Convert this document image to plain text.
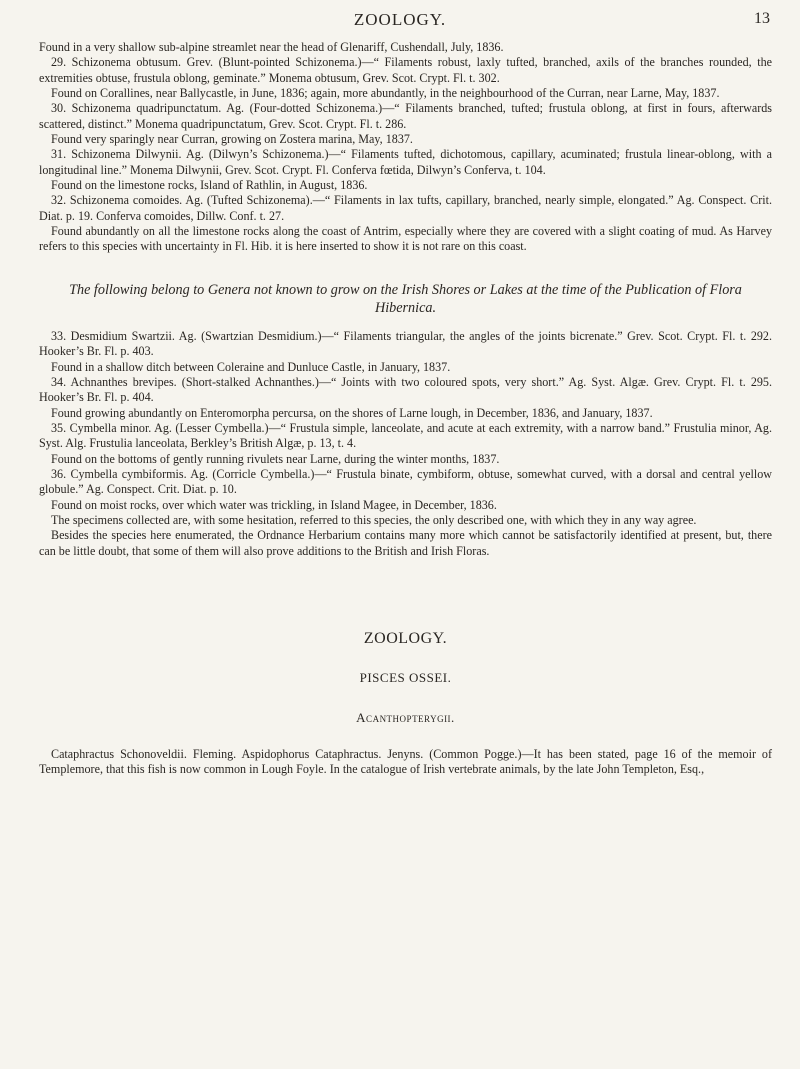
ZOOLOGY.	13

Found in a very shallow sub-alpine streamlet near the head of Glenariff, Cushendall, July, 1836.

29. Schizonema obtusum. Grev. (Blunt-pointed Schizonema.)—“ Filaments robust, laxly tufted, branched, axils of the branches rounded, the extremities obtuse, frustula oblong, geminate.” Monema obtusum, Grev. Scot. Crypt. Fl. t. 302.

Found on Corallines, near Ballycastle, in June, 1836; again, more abundantly, in the neighbourhood of the Curran, near Larne, May, 1837.

30. Schizonema quadripunctatum. Ag. (Four-dotted Schizonema.)—“ Filaments branched, tufted; frustula oblong, at first in fours, afterwards scattered, distinct.” Monema quadripunctatum, Grev. Scot. Crypt. Fl. t. 286.

Found very sparingly near Curran, growing on Zostera marina, May, 1837.

31. Schizonema Dilwynii. Ag. (Dilwyn’s Schizonema.)—“ Filaments tufted, dichotomous, capillary, acuminated; frustula linear-oblong, with a longitudinal line.” Monema Dilwynii, Grev. Scot. Crypt. Fl. Conferva fœtida, Dilwyn’s Conferva, t. 104.

Found on the limestone rocks, Island of Rathlin, in August, 1836.

32. Schizonema comoides. Ag. (Tufted Schizonema).—“ Filaments in lax tufts, capillary, branched, nearly simple, elongated.” Ag. Conspect. Crit. Diat. p. 19. Conferva comoides, Dillw. Conf. t. 27.

Found abundantly on all the limestone rocks along the coast of Antrim, especially where they are covered with a slight coating of mud. As Harvey refers to this species with uncertainty in Fl. Hib. it is here inserted to show it is not rare on this coast.

The following belong to Genera not known to grow on the Irish Shores or Lakes at the time of the Publication of Flora Hibernica.

33. Desmidium Swartzii. Ag. (Swartzian Desmidium.)—“ Filaments triangular, the angles of the joints bicrenate.” Grev. Scot. Crypt. Fl. t. 292. Hooker’s Br. Fl. p. 403.

Found in a shallow ditch between Coleraine and Dunluce Castle, in January, 1837.

34. Achnanthes brevipes. (Short-stalked Achnanthes.)—“ Joints with two coloured spots, very short.” Ag. Syst. Algæ. Grev. Crypt. Fl. t. 295. Hooker’s Br. Fl. p. 404.

Found growing abundantly on Enteromorpha percursa, on the shores of Larne lough, in December, 1836, and January, 1837.

35. Cymbella minor. Ag. (Lesser Cymbella.)—“ Frustula simple, lanceolate, and acute at each extremity, with a narrow band.” Frustulia minor, Ag. Syst. Alg. Frustulia lanceolata, Berkley’s British Algæ, p. 13, t. 4.

Found on the bottoms of gently running rivulets near Larne, during the winter months, 1837.

36. Cymbella cymbiformis. Ag. (Corricle Cymbella.)—“ Frustula binate, cymbiform, obtuse, somewhat curved, with a dorsal and central yellow globule.” Ag. Conspect. Crit. Diat. p. 10.

Found on moist rocks, over which water was trickling, in Island Magee, in December, 1836.

The specimens collected are, with some hesitation, referred to this species, the only described one, with which they in any way agree.

Besides the species here enumerated, the Ordnance Herbarium contains many more which cannot be satisfactorily identified at present, but, there can be little doubt, that some of them will also prove additions to the British and Irish Floras.

ZOOLOGY.
PISCES OSSEI.
Acanthopterygii.

Cataphractus Schonoveldii. Fleming. Aspidophorus Cataphractus. Jenyns. (Common Pogge.)—It has been stated, page 16 of the memoir of Templemore, that this fish is now common in Lough Foyle. In the catalogue of Irish vertebrate animals, by the late John Templeton, Esq.,
